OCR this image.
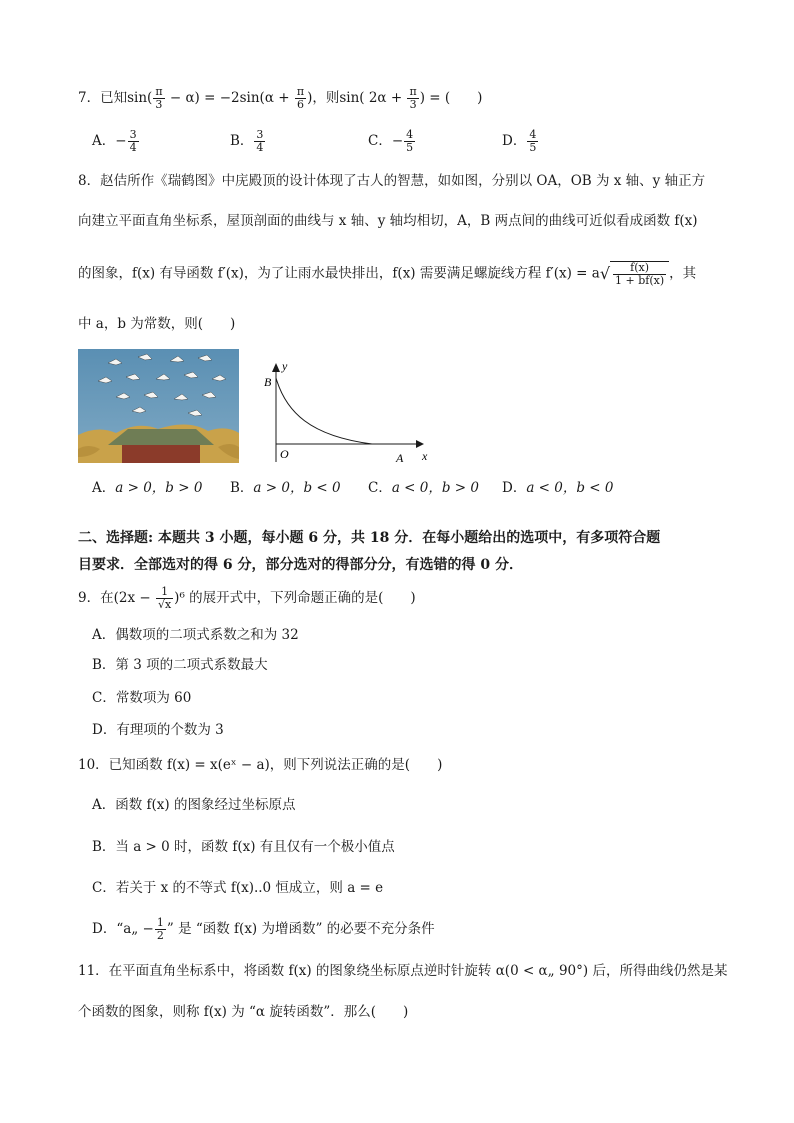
7．已知$\sin( \frac{\pi}{3} - \alpha) = -2\sin(\alpha + \frac{\pi}{6}$ )，则sin( $2\alpha + \frac{\pi}{3}$ ) = (　　)
A．− $\frac{3}{4}$	B． $\frac{3}{4}$	C．− $\frac{4}{5}$	D． $\frac{4}{5}$
8．赵佶所作《瑞鹤图》中庑殿顶的设计体现了古人的智慧，如如图，分别以 OA，OB 为 x 轴、y 轴正方
向建立平面直角坐标系，屋顶剖面的曲线与 x 轴、y 轴均相切，A，B 两点间的曲线可近似看成函数 f(x)
的图象，f(x) 有导函数 f′(x)，为了让雨水最快排出，f(x) 需要满足螺旋线方程 $f'(x) = a√ \frac{f(x)}{1 + bf(x)}$ ，其
中 a，b 为常数，则(　　)
y
x
B
O	A
A．a > 0，b > 0 B．a > 0，b < 0 C．a < 0，b > 0 D．a < 0，b < 0
二、选择题: 本题共 3 小题，每小题 6 分，共 18 分．在每小题给出的选项中，有多项符合题
目要求．全部选对的得 6 分，部分选对的得部分分，有选错的得 0 分．
9．在$(2x - \frac{1}{√x} )^6$ 的展开式中，下列命题正确的是(　　)
A．偶数项的二项式系数之和为 32
B．第 3 项的二项式系数最大
C．常数项为 60
D．有理项的个数为 3
10．已知函数 f(x) = x(eˣ − a)，则下列说法正确的是(　　)
A．函数 f(x) 的图象经过坐标原点
B．当 a > 0 时，函数 f(x) 有且仅有一个极小值点
C．若关于 x 的不等式 f(x)..0 恒成立，则 a = e
D．“a„ − $\frac{1}{2}$ ” 是 “函数 f(x) 为增函数” 的必要不充分条件
11．在平面直角坐标系中，将函数 f(x) 的图象绕坐标原点逆时针旋转 α(0 < α„ 90°) 后，所得曲线仍然是某
个函数的图象，则称 f(x) 为 “α 旋转函数”．那么(　　)
